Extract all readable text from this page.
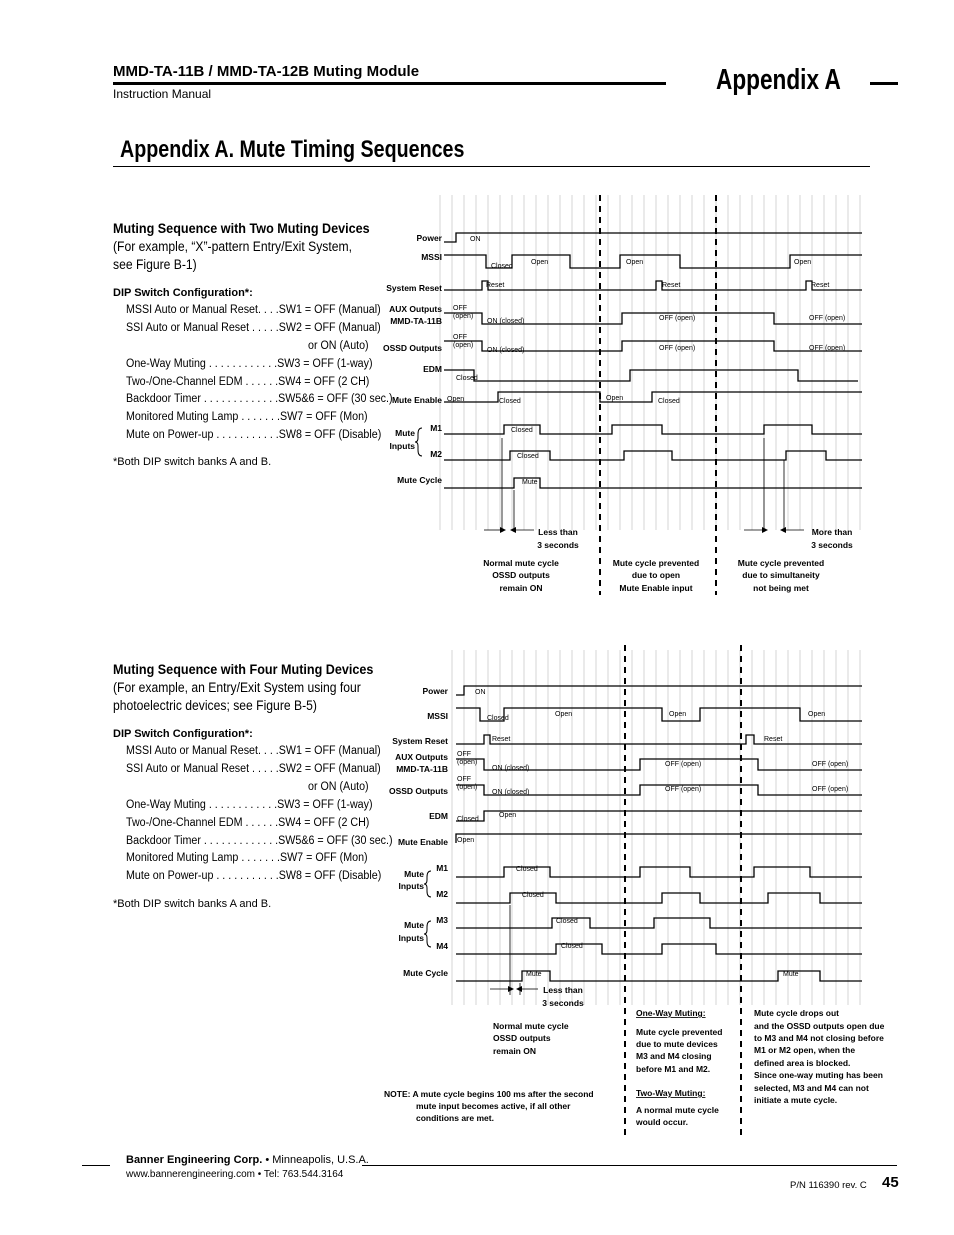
MMD-TA-11B / MMD-TA-12B Muting Module
Instruction Manual	Appendix A
Appendix A. Mute Timing Sequences
Muting Sequence with Two Muting Devices
(For example, “X”-pattern Entry/Exit System,
see Figure B-1)
DIP Switch Configuration*:
MSSI Auto or Manual Reset. . . .SW1 = OFF (Manual)
SSI Auto or Manual Reset . . . . .SW2 = OFF (Manual)
or ON (Auto)
One-Way Muting . . . . . . . . . . . .SW3 = OFF (1-way)
Two-/One-Channel EDM . . . . . .SW4 = OFF (2 CH)
Backdoor Timer . . . . . . . . . . . . .SW5&6 = OFF (30 sec.)
Monitored Muting Lamp . . . . . . .SW7 = OFF (Mon)
Mute on Power-up . . . . . . . . . . .SW8 = OFF (Disable)
*Both DIP switch banks A and B.
Power
MSSI
System Reset
AUX Outputs
MMD-TA-11B
OSSD Outputs
EDM
Mute Enable
Mute
Inputs
M1
M2
Mute Cycle
ON
Closed
Open	Open	Open
Reset	Reset	Reset
OFF
(open)
ON (closed)	OFF (open)	OFF (open)
OFF
(open)
ON (closed)	OFF (open)	OFF (open)
Closed
Open	Closed	Open	Closed
Closed
Closed
Mute
Less than
3 seconds
More than
3 seconds
Normal mute cycle
OSSD outputs
remain ON
Mute cycle prevented
due to open
Mute Enable input
Mute cycle prevented
due to simultaneity
not being met
Muting Sequence with Four Muting Devices
(For example, an Entry/Exit System using four
photoelectric devices; see Figure B-5)
DIP Switch Configuration*:
MSSI Auto or Manual Reset. . . .SW1 = OFF (Manual)
SSI Auto or Manual Reset . . . . .SW2 = OFF (Manual)
or ON (Auto)
One-Way Muting . . . . . . . . . . . .SW3 = OFF (1-way)
Two-/One-Channel EDM . . . . . .SW4 = OFF (2 CH)
Backdoor Timer . . . . . . . . . . . . .SW5&6 = OFF (30 sec.)
Monitored Muting Lamp . . . . . . .SW7 = OFF (Mon)
Mute on Power-up . . . . . . . . . . .SW8 = OFF (Disable)
*Both DIP switch banks A and B.
Power
MSSI
System Reset
AUX Outputs
MMD-TA-11B
OSSD Outputs
EDM
Mute Enable
Mute
Inputs
M1
M2
Mute
Inputs
M3
M4
Mute Cycle
ON
Closed
Open	Open	Open
Reset	Reset
OFF
(open)
ON (closed)
OFF (open)	OFF (open)
OFF
(open)
ON (closed)	OFF (open)	OFF (open)
Closed
Open
Open
Closed
Closed
Closed
Closed
Mute	Mute
Less than
3 seconds
Normal mute cycle
OSSD outputs
remain ON
One-Way Muting:
Mute cycle prevented
due to mute devices
M3 and M4 closing
before M1 and M2.
Two-Way Muting:
A normal mute cycle
would occur.
Mute cycle drops out
and the OSSD outputs open due
to M3 and M4 not closing before
M1 or M2 open, when the
defined area is blocked.
Since one-way muting has been
selected, M3 and M4 can not
initiate a mute cycle.
NOTE: A mute cycle begins 100 ms after the second
mute input becomes active, if all other
conditions are met.
Banner Engineering Corp. • Minneapolis, U.S.A.
www.bannerengineering.com • Tel: 763.544.3164
P/N 116390 rev. C 45
